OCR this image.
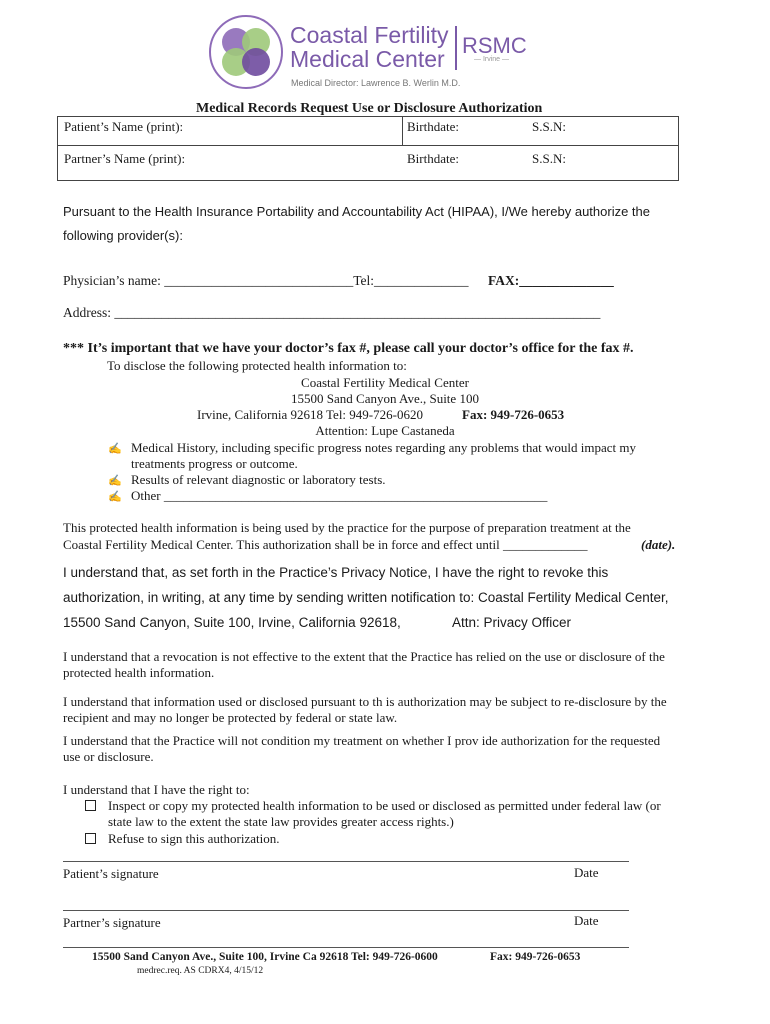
Coastal Fertility
Medical Center
Medical Director: Lawrence B. Werlin M.D.
RSMC
— Irvine —
Medical Records Request Use or Disclosure Authorization
Patient’s Name (print):	Birthdate:	S.S.N:
Partner’s Name (print):	Birthdate:	S.S.N:
Pursuant to the Health Insurance Portability and Accountability Act (HIPAA), I/We hereby authorize the
following provider(s):
Physician’s name: ____________________________Tel:______________ FAX:______________
Address: ________________________________________________________________________
*** It’s important that we have your doctor’s fax #, please call your doctor’s office for the fax #.
To disclose the following protected health information to:
Coastal Fertility Medical Center
15500 Sand Canyon Ave., Suite 100
Irvine, California 92618 Tel: 949-726-0620	Fax: 949-726-0653
Attention: Lupe Castaneda
✍ Medical History, including specific progress notes regarding any problems that would impact my
treatments progress or outcome.
✍ Results of relevant diagnostic or laboratory tests.
✍ Other ___________________________________________________________
This protected health information is being used by the practice for the purpose of preparation treatment at the
Coastal Fertility Medical Center. This authorization shall be in force and effect until _____________	(date).
I understand that, as set forth in the Practice’s Privacy Notice, I have the right to revoke this
authorization, in writing, at any time by sending written notification to: Coastal Fertility Medical Center,
15500 Sand Canyon, Suite 100, Irvine, California 92618,	Attn: Privacy Officer
I understand that a revocation is not effective to the extent that the Practice has relied on the use or disclosure of the
protected health information.
I understand that information used or disclosed pursuant to th is authorization may be subject to re-disclosure by the
recipient and may no longer be protected by federal or state law.
I understand that the Practice will not condition my treatment on whether I prov ide authorization for the requested
use or disclosure.
I understand that I have the right to:
Inspect or copy my protected health information to be used or disclosed as permitted under federal law (or
state law to the extent the state law provides greater access rights.)
Refuse to sign this authorization.
Patient’s signature	Date
Partner’s signature	Date
15500 Sand Canyon Ave., Suite 100, Irvine Ca 92618 Tel: 949-726-0600	Fax: 949-726-0653
medrec.req. AS CDRX4, 4/15/12
